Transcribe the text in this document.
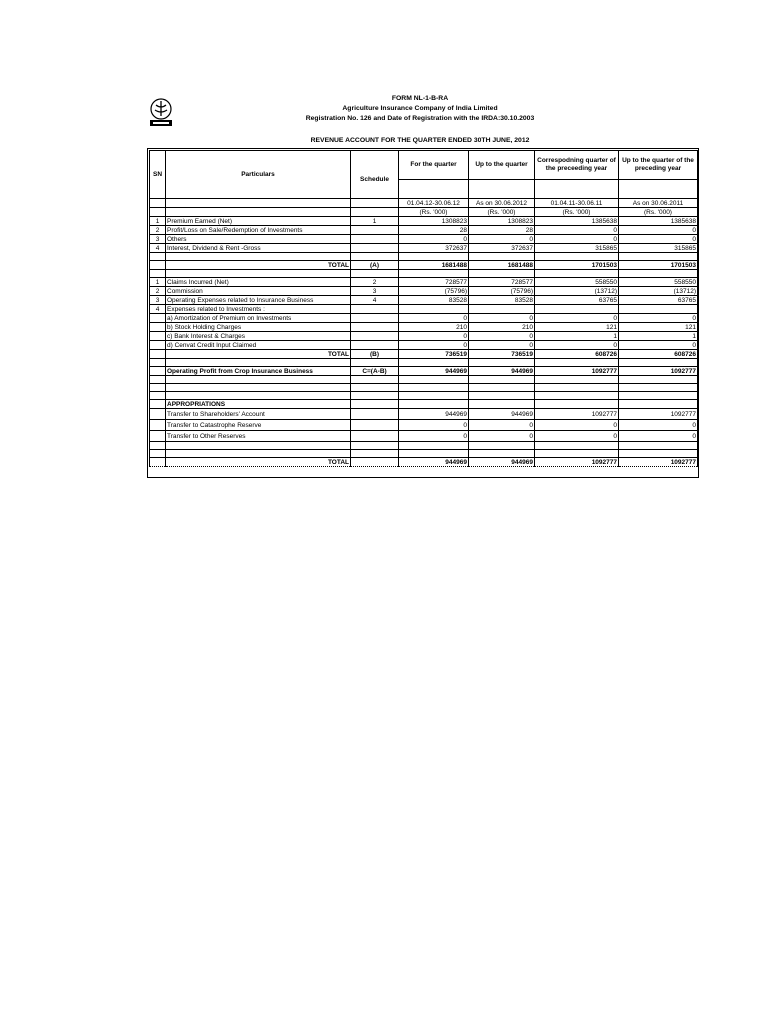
FORM NL-1-B-RA
Agriculture Insurance Company of India Limited
Registration No. 126 and Date of Registration with the IRDA:30.10.2003
REVENUE ACCOUNT FOR THE QUARTER ENDED 30TH JUNE, 2012
SN	Particulars	Schedule	For the quarter	Up to the quarter	Correspodning quarter of the preceeding year	Up to the quarter of the preceding year

			01.04.12-30.06.12	As on 30.06.2012	01.04.11-30.06.11	As on 30.06.2011
			(Rs. '000)	(Rs. '000)	(Rs. '000)	(Rs. '000)
1	Premium Earned (Net)	1	1308823	1308823	1385638	1385638
2	Profit/Loss on Sale/Redemption of Investments		28	28	0	0
3	Others		0	0	0	0
4	Interest, Dividend & Rent -Gross		372637	372637	315865	315865

	TOTAL	(A)	1681488	1681488	1701503	1701503

1	Claims Incurred (Net)	2	728577	728577	558550	558550
2	Commission	3	(75796)	(75796)	(13712)	(13712)
3	Operating Expenses related to Insurance Business	4	83528	83528	63765	63765
4	Expenses related to Investments :					
	a) Amortization of Premium on Investments		0	0	0	0
	b) Stock Holding Charges		210	210	121	121
	c) Bank Interest & Charges		0	0	1	1
	d) Cenvat Credit Input Claimed		0	0	0	0
	TOTAL	(B)	736519	736519	608726	608726

	Operating Profit from Crop Insurance Business	C=(A-B)	944969	944969	1092777	1092777

	APPROPRIATIONS					
	Transfer to Shareholders' Account		944969	944969	1092777	1092777
	Transfer to Catastrophe Reserve		0	0	0	0
	Transfer to Other Reserves		0	0	0	0

	TOTAL		944969	944969	1092777	1092777
